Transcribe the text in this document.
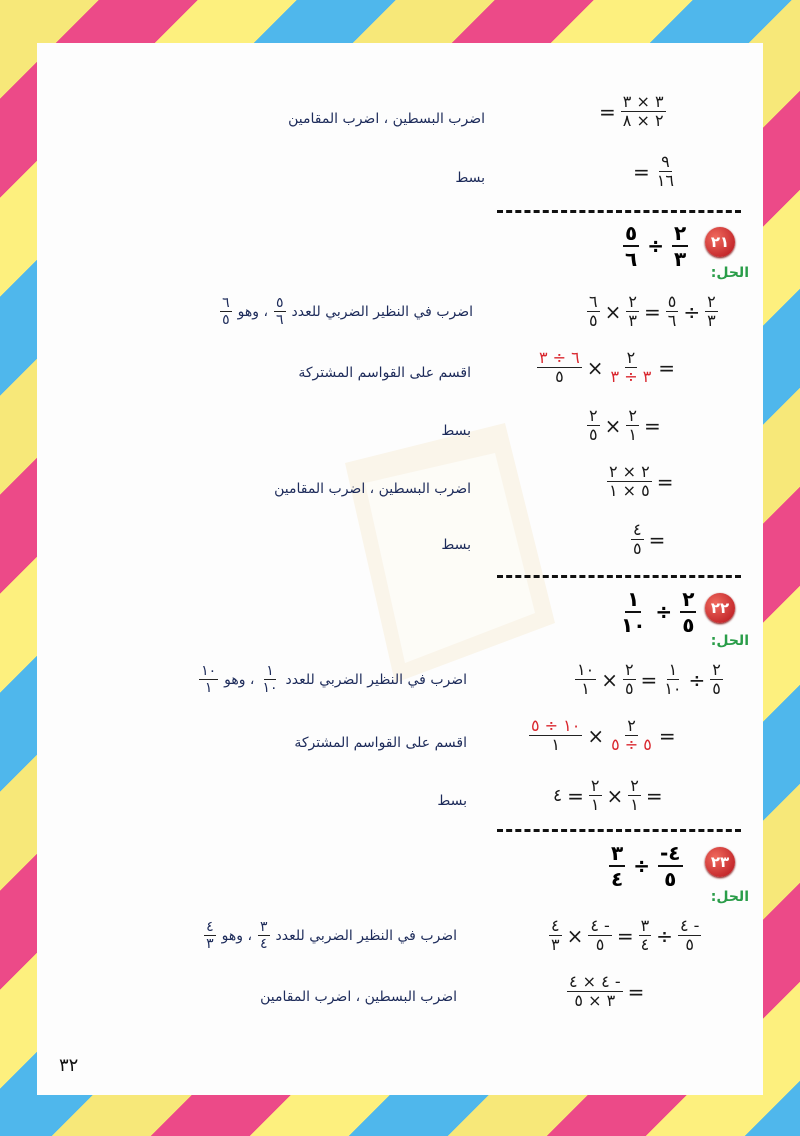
= $\frac{٣ \times ٣}{٢ \times ٨}$
اضرب البسطين ، اضرب المقامين
= $\frac{٩}{١٦}$
بسط
٢١
$\frac{٥}{٦} \div \frac{٢}{٣}$
الحل:
$\frac{٦}{٥} \times \frac{٢}{٣} = \frac{٥}{٦} \div \frac{٢}{٣}$
اضرب في النظير الضربي للعدد
$\frac{٥}{٦}$
، وهو
$\frac{٦}{٥}$
$\frac{٦ \div ٣}{٥} \times \frac{٢}{٣ \div ٣}$ =
اقسم على القواسم المشتركة
$\frac{٢}{٥} \times \frac{٢}{١}$ =
بسط
$\frac{٢ \times ٢}{٥ \times ١}$ =
اضرب البسطين ، اضرب المقامين
$\frac{٤}{٥}$ =
بسط
٢٢
$\frac{١}{١٠} \div \frac{٢}{٥}$
الحل:
$\frac{١٠}{١} \times \frac{٢}{٥} = \frac{١}{١٠} \div \frac{٢}{٥}$
اضرب في النظير الضربي للعدد
$\frac{١}{١٠}$
، وهو
$\frac{١٠}{١}$
$\frac{١٠ \div ٥}{١} \times \frac{٢}{٥ \div ٥}$ =
اقسم على القواسم المشتركة
٤ = $\frac{٢}{١} \times \frac{٢}{١}$ =
بسط
٢٣
$\frac{٣}{٤} \div \frac{-٤}{٥}$
الحل:
$\frac{٤}{٣} \times \frac{٤ -}{٥} = \frac{٣}{٤} \div \frac{٤ -}{٥}$
اضرب في النظير الضربي للعدد
$\frac{٣}{٤}$
، وهو
$\frac{٤}{٣}$
$\frac{٤ \times ٤ -}{٣ \times ٥}$ =
اضرب البسطين ، اضرب المقامين
٣٢
